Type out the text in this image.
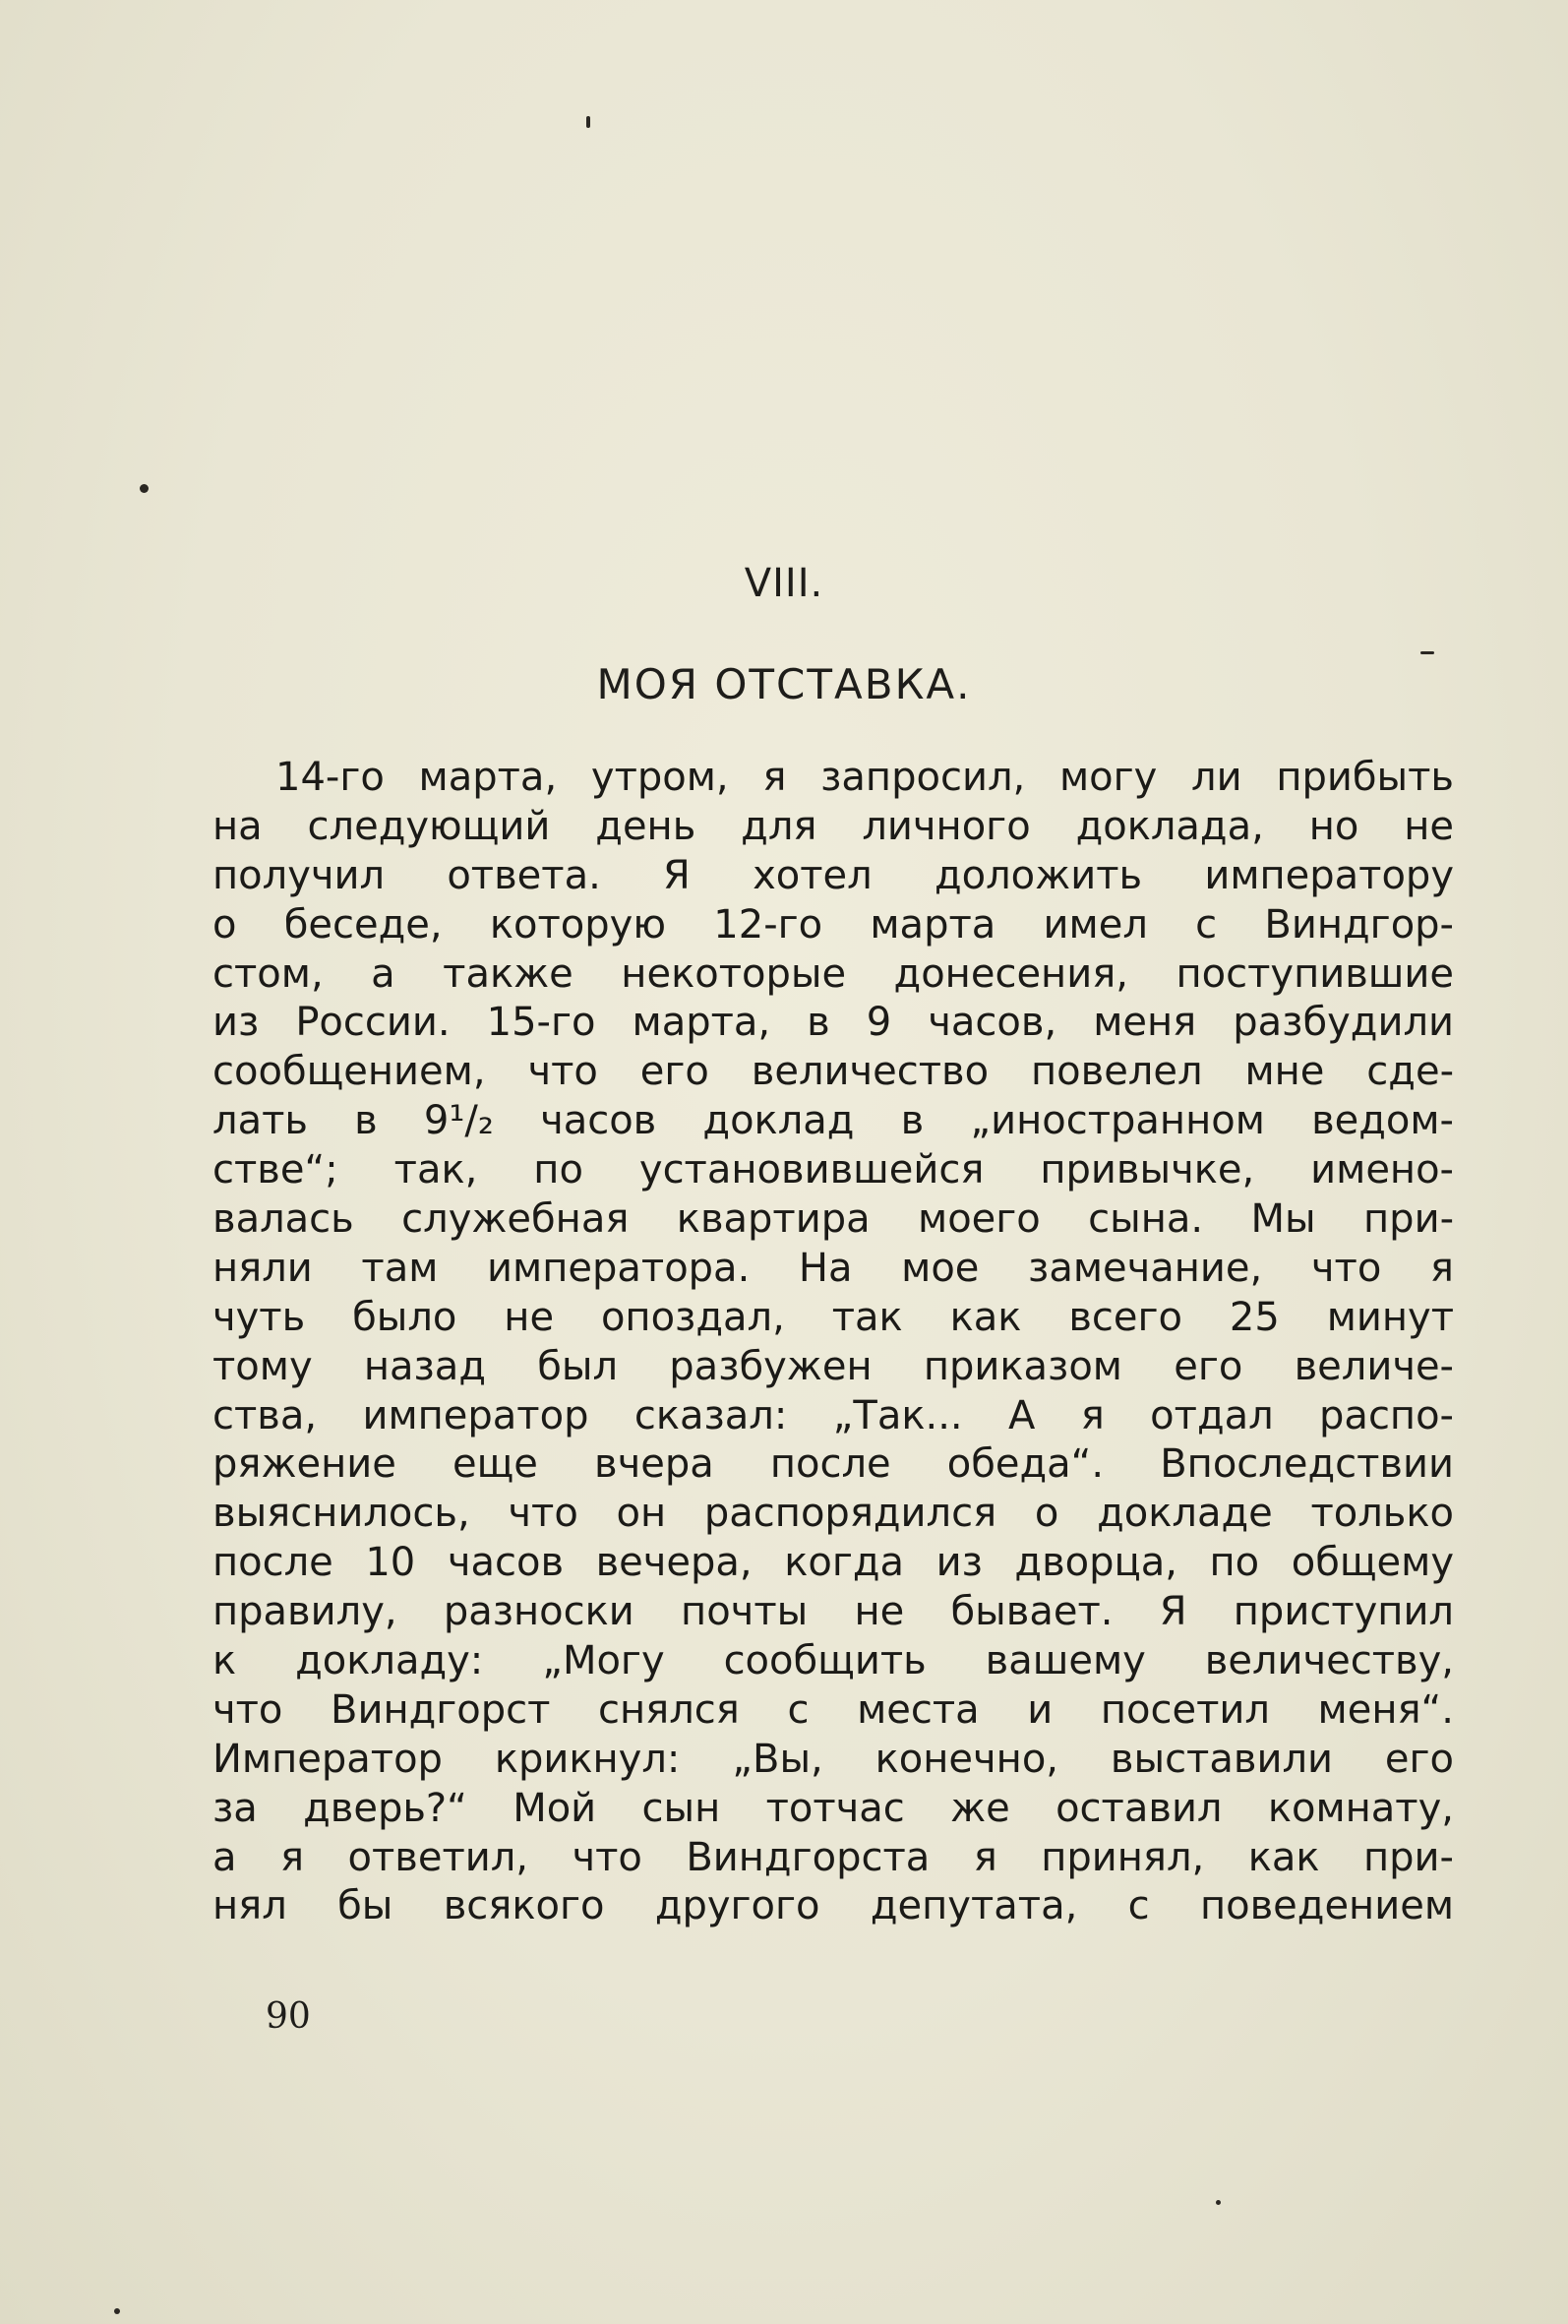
VIII.
МОЯ ОТСТАВКА.
14-го марта, утром, я запросил, могу ли прибыть
на следующий день для личного доклада, но не
получил ответа. Я хотел доложить императору
о беседе, которую 12-го марта имел с Виндгор-
стом, а также некоторые донесения, поступившие
из России. 15-го марта, в 9 часов, меня разбудили
сообщением, что его величество повелел мне сде-
лать в 9¹/₂ часов доклад в „иностранном ведом-
стве“; так, по установившейся привычке, имено-
валась служебная квартира моего сына. Мы при-
няли там императора. На мое замечание, что я
чуть было не опоздал, так как всего 25 минут
тому назад был разбужен приказом его величе-
ства, император сказал: „Так... А я отдал распо-
ряжение еще вчера после обеда“. Впоследствии
выяснилось, что он распорядился о докладе только
после 10 часов вечера, когда из дворца, по общему
правилу, разноски почты не бывает. Я приступил
к докладу: „Могу сообщить вашему величеству,
что Виндгорст снялся с места и посетил меня“.
Император крикнул: „Вы, конечно, выставили его
за дверь?“ Мой сын тотчас же оставил комнату,
а я ответил, что Виндгорста я принял, как при-
нял бы всякого другого депутата, с поведением
90
